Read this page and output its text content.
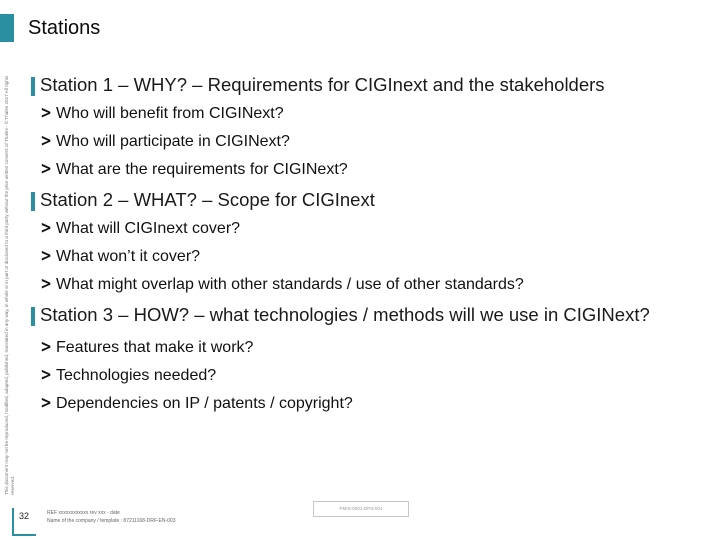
Stations
This document may not be reproduced, modified, adapted, published, translated in any way, in whole or in part or disclosed to a third party without the prior written consent of Thales - © Thales 2017 All rights reserved.

Station 1 – WHY? – Requirements for CIGInext and the stakeholders

> Who will benefit from CIGINext?

> Who will participate in CIGINext?

> What are the requirements for CIGINext?

Station 2 – WHAT? – Scope for CIGInext

> What will CIGInext cover?

> What won’t it cover?

> What might overlap with other standards / use of other standards?

Station 3 – HOW? – what technologies / methods will we use in CIGINext?

> Features that make it work?

> Technologies needed?

> Dependencies on IP / patents / copyright?

32	REF xxxxxxxxxxxx rev xxx - date
Name of the company / template : 87211168-DRF-EN-003
PMIS-0001-DPS-001
